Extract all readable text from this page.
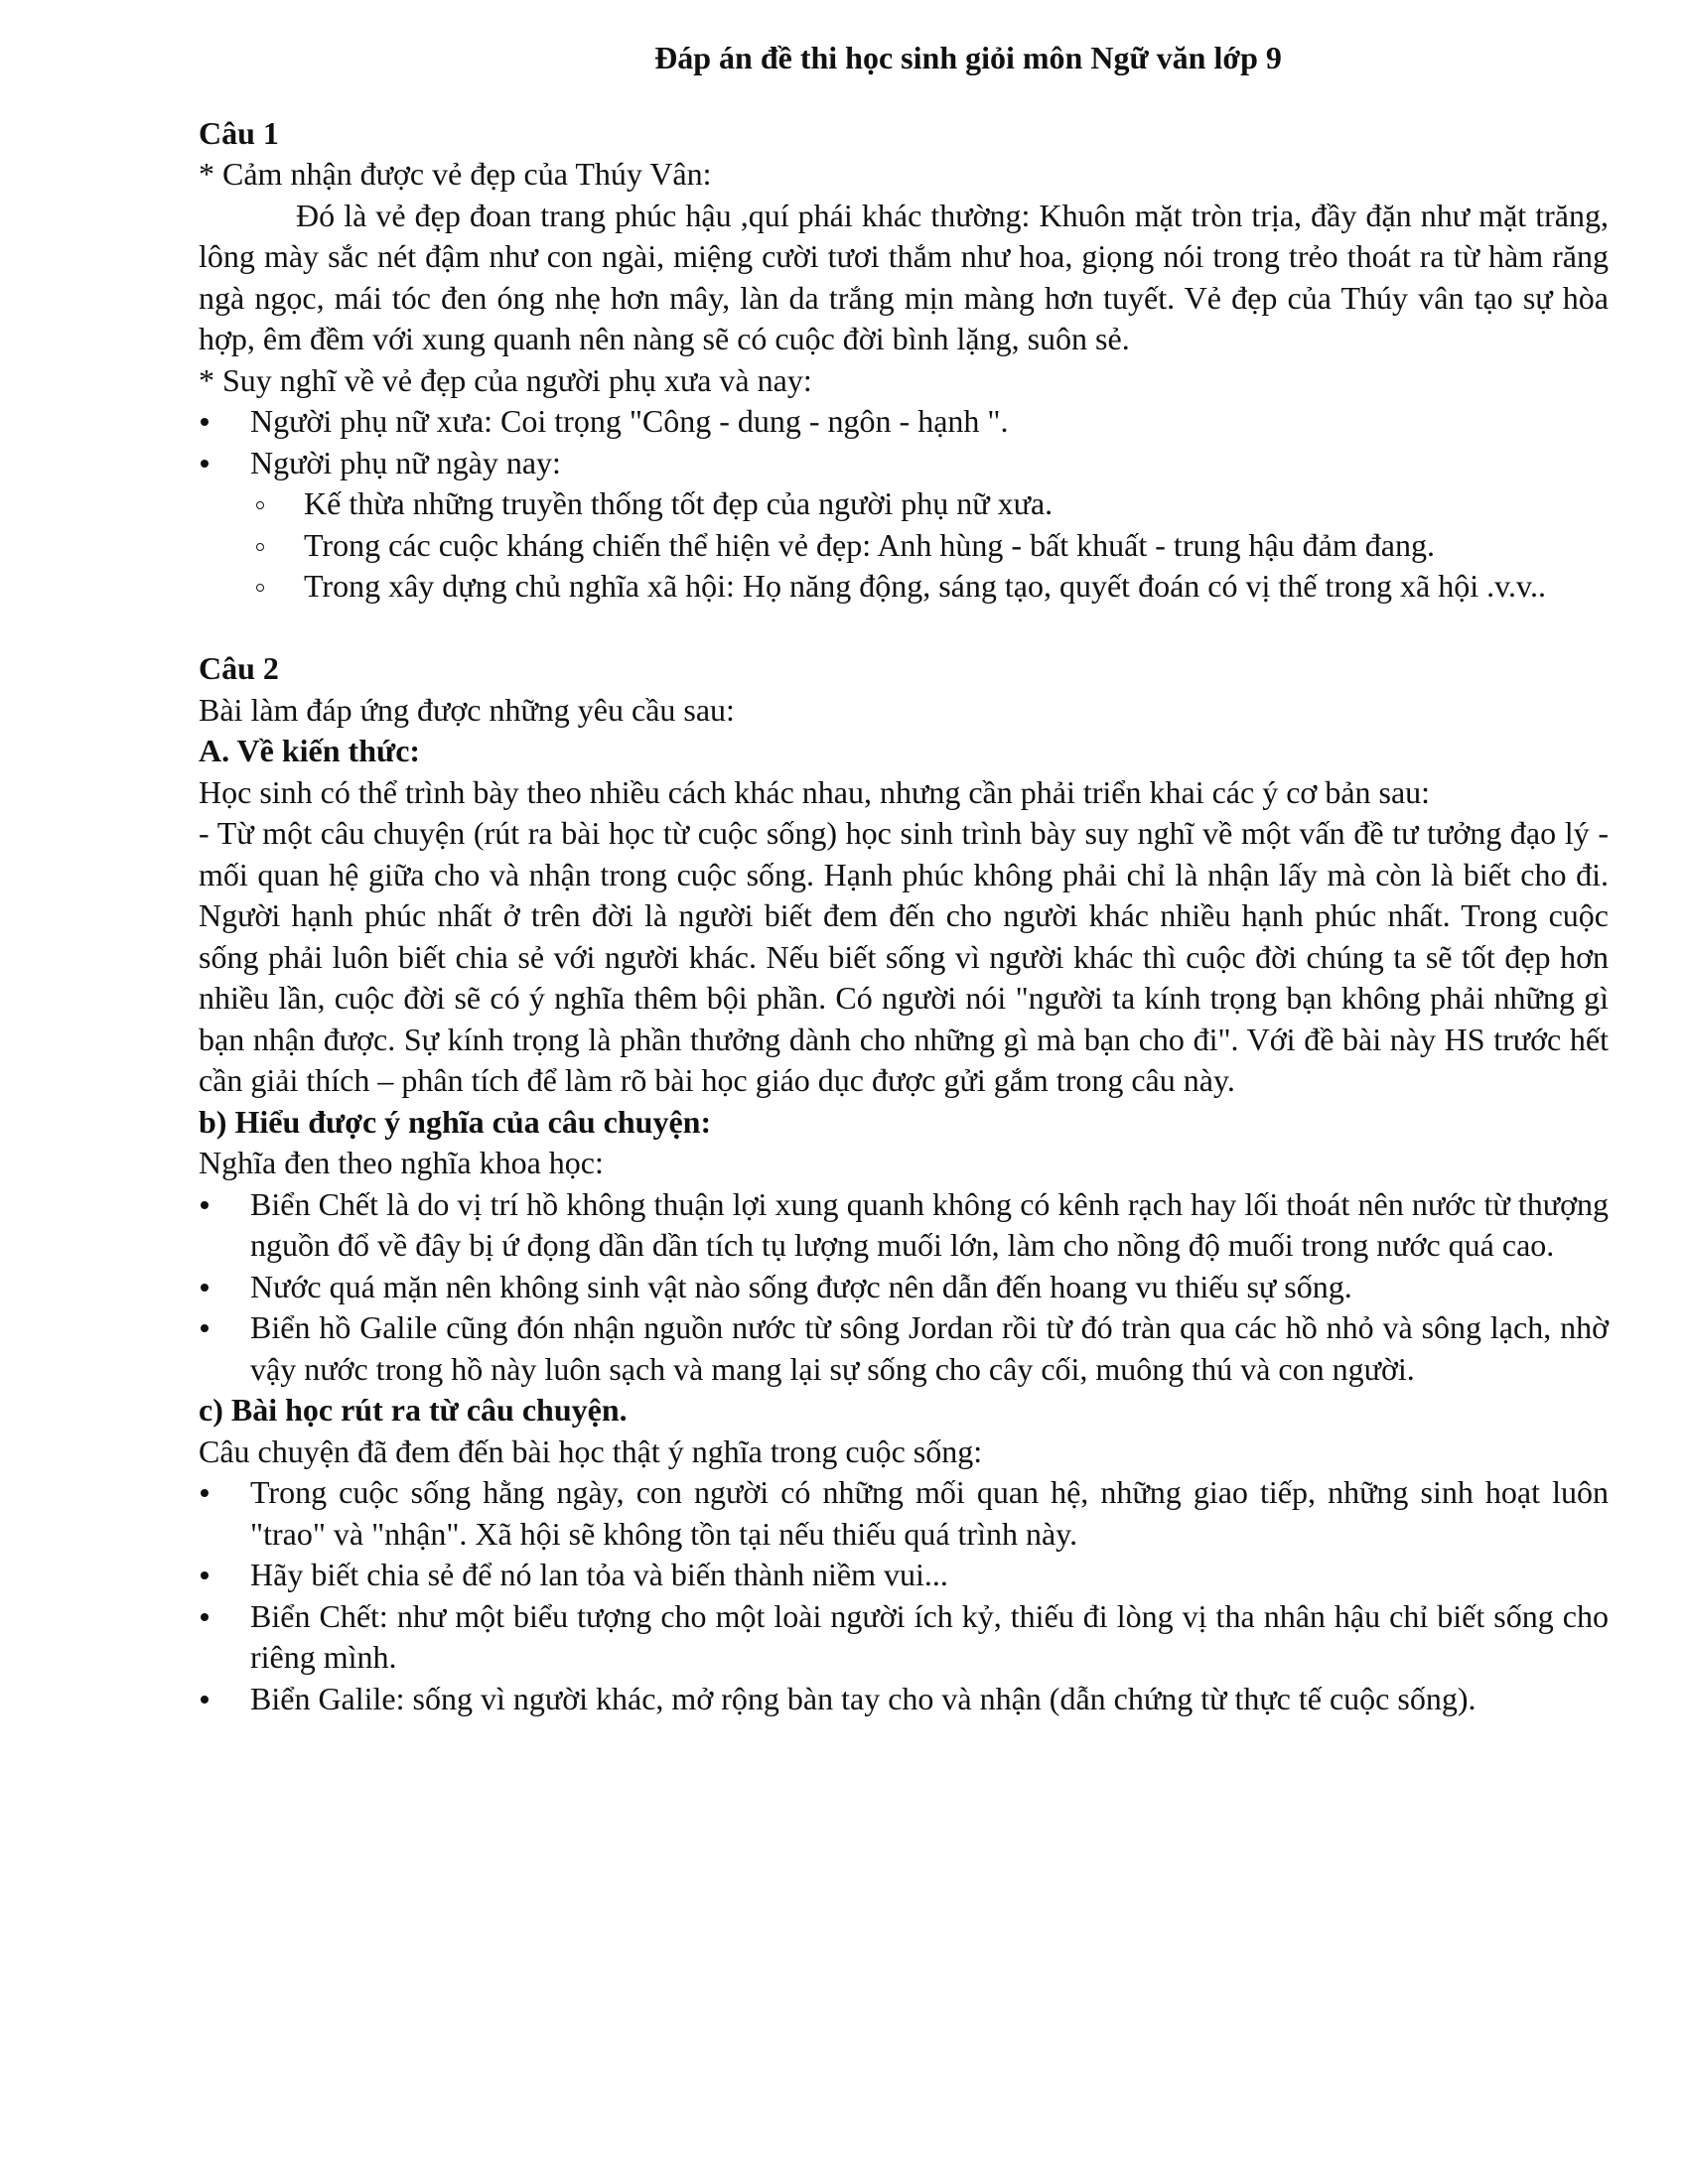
Đáp án đề thi học sinh giỏi môn Ngữ văn lớp 9
Câu 1
* Cảm nhận được vẻ đẹp của Thúy Vân:
Đó là vẻ đẹp đoan trang phúc hậu ,quí phái khác thường: Khuôn mặt tròn trịa, đầy đặn như mặt trăng, lông mày sắc nét đậm như con ngài, miệng cười tươi thắm như hoa, giọng nói trong trẻo thoát ra từ hàm răng ngà ngọc, mái tóc đen óng nhẹ hơn mây, làn da trắng mịn màng hơn tuyết. Vẻ đẹp của Thúy vân tạo sự hòa hợp, êm đềm với xung quanh nên nàng sẽ có cuộc đời bình lặng, suôn sẻ.
* Suy nghĩ về vẻ đẹp của người phụ xưa và nay:
Người phụ nữ xưa: Coi trọng "Công - dung - ngôn - hạnh ".
Người phụ nữ ngày nay:
Kế thừa những truyền thống tốt đẹp của người phụ nữ xưa.
Trong các cuộc kháng chiến thể hiện vẻ đẹp: Anh hùng - bất khuất - trung hậu đảm đang.
Trong xây dựng chủ nghĩa xã hội: Họ năng động, sáng tạo, quyết đoán có vị thế trong xã hội .v.v..
Câu 2
Bài làm đáp ứng được những yêu cầu sau:
A. Về kiến thức:
Học sinh có thể trình bày theo nhiều cách khác nhau, nhưng cần phải triển khai các ý cơ bản sau:
- Từ một câu chuyện (rút ra bài học từ cuộc sống) học sinh trình bày suy nghĩ về một vấn đề tư tưởng đạo lý - mối quan hệ giữa cho và nhận trong cuộc sống. Hạnh phúc không phải chỉ là nhận lấy mà còn là biết cho đi. Người hạnh phúc nhất ở trên đời là người biết đem đến cho người khác nhiều hạnh phúc nhất. Trong cuộc sống phải luôn biết chia sẻ với người khác. Nếu biết sống vì người khác thì cuộc đời chúng ta sẽ tốt đẹp hơn nhiều lần, cuộc đời sẽ có ý nghĩa thêm bội phần. Có người nói "người ta kính trọng bạn không phải những gì bạn nhận được. Sự kính trọng là phần thưởng dành cho những gì mà bạn cho đi". Với đề bài này HS trước hết cần giải thích – phân tích để làm rõ bài học giáo dục được gửi gắm trong câu này.
b) Hiểu được ý nghĩa của câu chuyện:
Nghĩa đen theo nghĩa khoa học:
Biển Chết là do vị trí hồ không thuận lợi xung quanh không có kênh rạch hay lối thoát nên nước từ thượng nguồn đổ về đây bị ứ đọng dần dần tích tụ lượng muối lớn, làm cho nồng độ muối trong nước quá cao.
Nước quá mặn nên không sinh vật nào sống được nên dẫn đến hoang vu thiếu sự sống.
Biển hồ Galile cũng đón nhận nguồn nước từ sông Jordan rồi từ đó tràn qua các hồ nhỏ và sông lạch, nhờ vậy nước trong hồ này luôn sạch và mang lại sự sống cho cây cối, muông thú và con người.
c) Bài học rút ra từ câu chuyện.
Câu chuyện đã đem đến bài học thật ý nghĩa trong cuộc sống:
Trong cuộc sống hằng ngày, con người có những mối quan hệ, những giao tiếp, những sinh hoạt luôn "trao" và "nhận". Xã hội sẽ không tồn tại nếu thiếu quá trình này.
Hãy biết chia sẻ để nó lan tỏa và biến thành niềm vui...
Biển Chết: như một biểu tượng cho một loài người ích kỷ, thiếu đi lòng vị tha nhân hậu chỉ biết sống cho riêng mình.
Biển Galile: sống vì người khác, mở rộng bàn tay cho và nhận (dẫn chứng từ thực tế cuộc sống).
